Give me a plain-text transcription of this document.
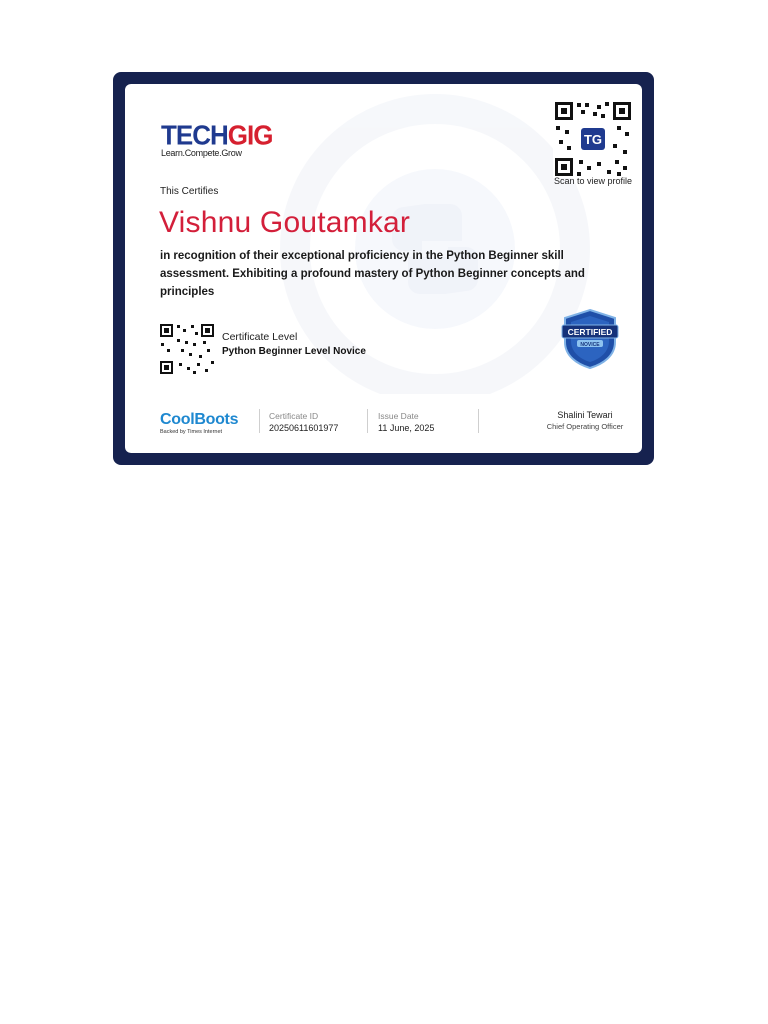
TECHGIG
Learn.Compete.Grow
TG
Scan to view profile
This Certifies
Vishnu Goutamkar
in recognition of their exceptional proficiency in the Python Beginner skill assessment. Exhibiting a profound mastery of Python Beginner concepts and principles
Certificate Level
Python Beginner Level Novice
CERTIFIED
NOVICE
CoolBoots
Backed by Times Internet
Certificate ID
20250611601977
Issue Date
11 June, 2025
Shalini Tewari
Chief Operating Officer
